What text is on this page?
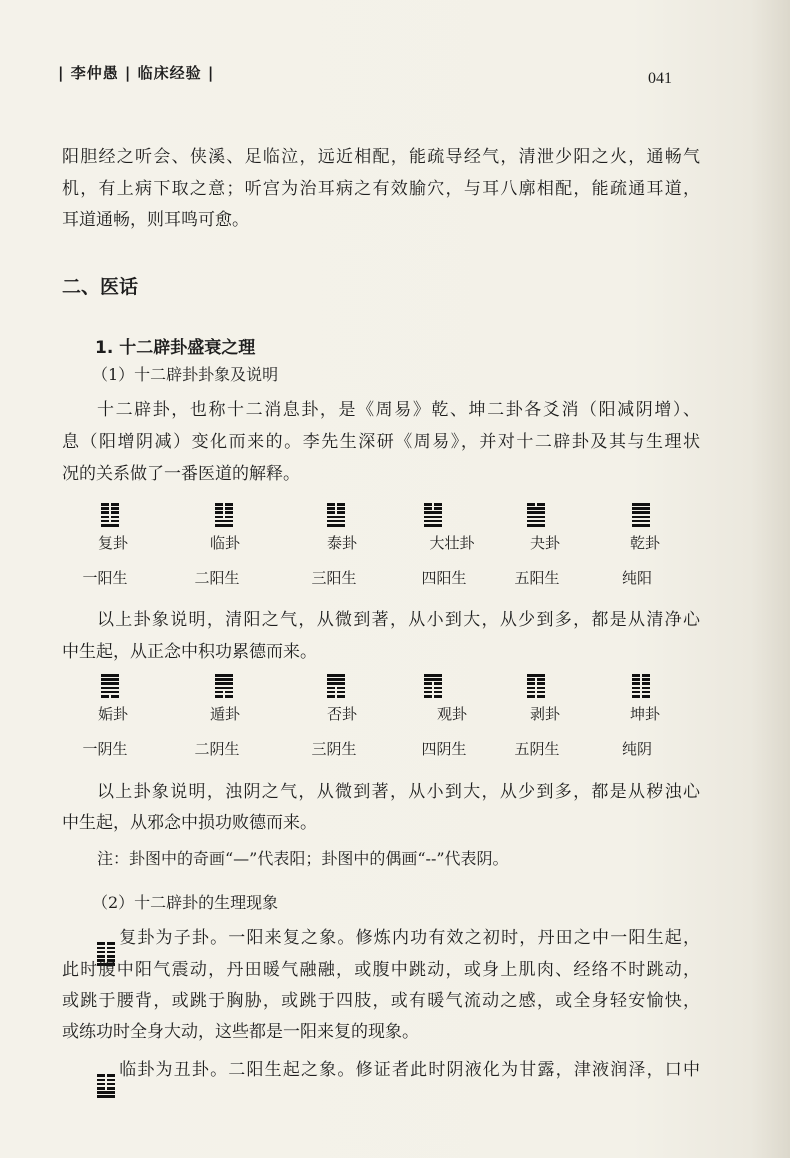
| 李仲愚 | 临床经验 |	041
阳胆经之听会、侠溪、足临泣，远近相配，能疏导经气，清泄少阳之火，通畅气
机，有上病下取之意；听宫为治耳病之有效腧穴，与耳八廓相配，能疏通耳道，
耳道通畅，则耳鸣可愈。
二、医话
1. 十二辟卦盛衰之理
（1）十二辟卦卦象及说明
十二辟卦，也称十二消息卦，是《周易》乾、坤二卦各爻消（阳减阴增）、
息（阳增阴减）变化而来的。李先生深研《周易》，并对十二辟卦及其与生理状
况的关系做了一番医道的解释。
复卦
一阳生
临卦
二阳生
泰卦
三阳生
大壮卦
四阳生
夬卦
五阳生
乾卦
纯阳
以上卦象说明，清阳之气，从微到著，从小到大，从少到多，都是从清净心
中生起，从正念中积功累德而来。
姤卦
一阴生
遁卦
二阴生
否卦
三阴生
观卦
四阴生
剥卦
五阴生
坤卦
纯阴
以上卦象说明，浊阴之气，从微到著，从小到大，从少到多，都是从秽浊心
中生起，从邪念中损功败德而来。
注：卦图中的奇画“—”代表阳；卦图中的偶画“--”代表阴。
（2）十二辟卦的生理现象
复卦为子卦。一阳来复之象。修炼内功有效之初时，丹田之中一阳生起，
此时腹中阳气震动，丹田暖气融融，或腹中跳动，或身上肌肉、经络不时跳动，
或跳于腰背，或跳于胸胁，或跳于四肢，或有暖气流动之感，或全身轻安愉快，
或练功时全身大动，这些都是一阳来复的现象。
临卦为丑卦。二阳生起之象。修证者此时阴液化为甘露，津液润泽，口中
